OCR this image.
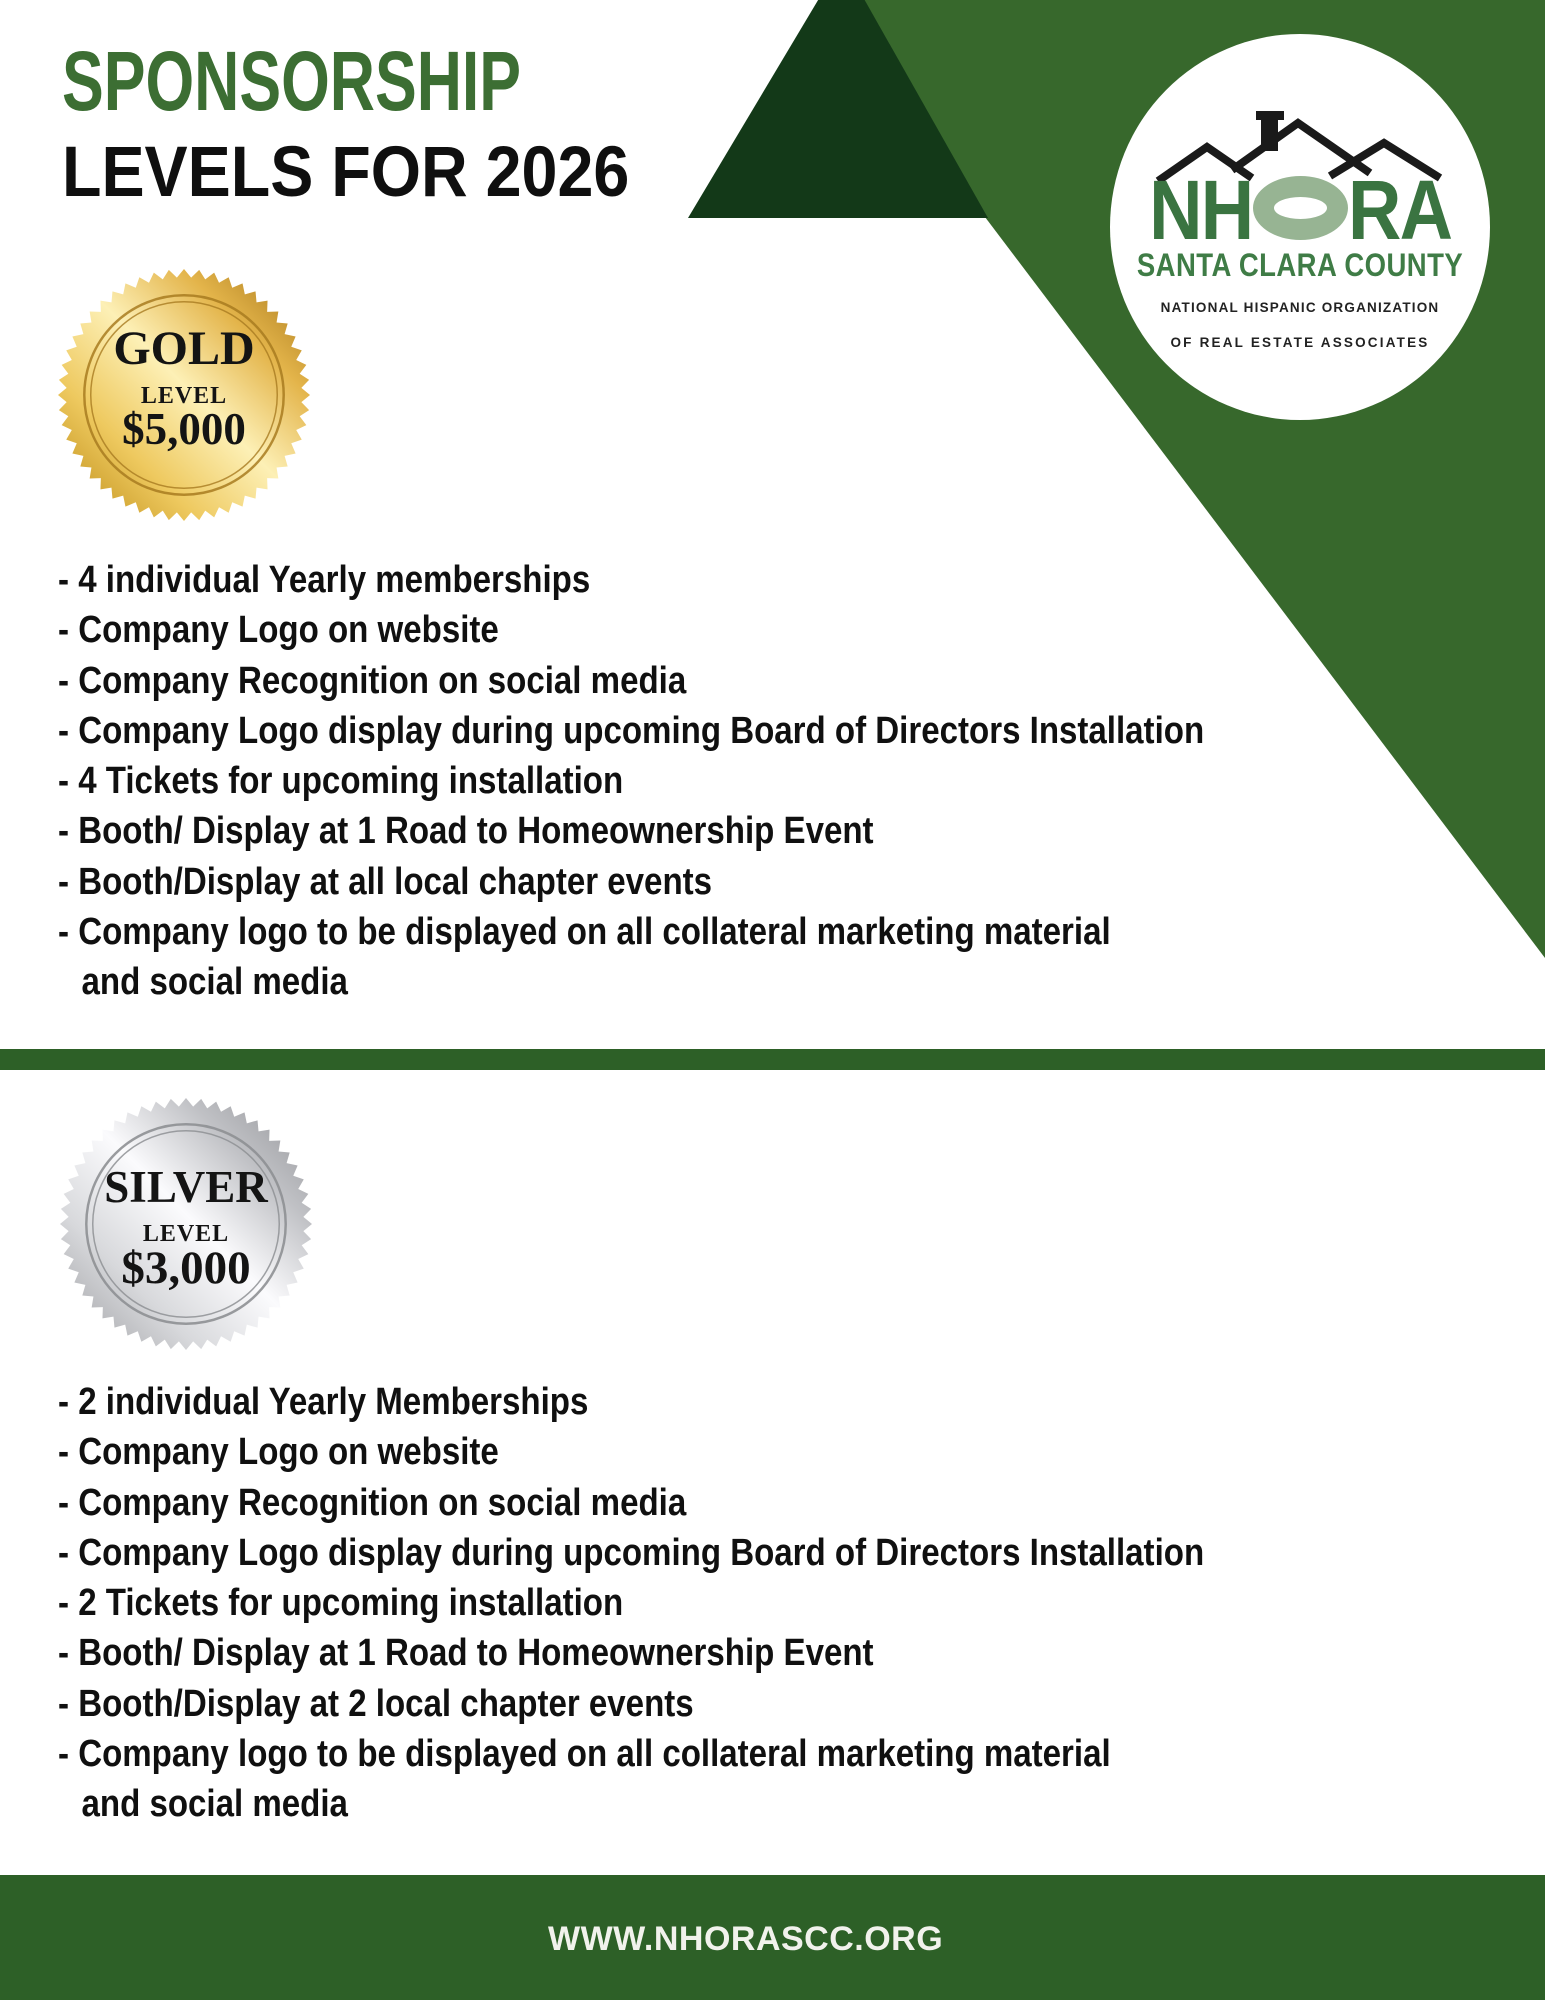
NH RA
SANTA CLARA COUNTY
NATIONAL HISPANIC ORGANIZATION
OF REAL ESTATE ASSOCIATES
SPONSORSHIP
LEVELS FOR 2026
GOLD
LEVEL
$5,000
- 4 individual Yearly memberships
- Company Logo on website
- Company Recognition on social media
- Company Logo display during upcoming Board of Directors Installation
- 4 Tickets for upcoming installation
- Booth/ Display at 1 Road to Homeownership Event
- Booth/Display at all local chapter events
- Company logo to be displayed on all collateral marketing material
and social media
SILVER
LEVEL
$3,000
- 2 individual Yearly Memberships
- Company Logo on website
- Company Recognition on social media
- Company Logo display during upcoming Board of Directors Installation
- 2 Tickets for upcoming installation
- Booth/ Display at 1 Road to Homeownership Event
- Booth/Display at 2 local chapter events
- Company logo to be displayed on all collateral marketing material
and social media
WWW.NHORASCC.ORG
